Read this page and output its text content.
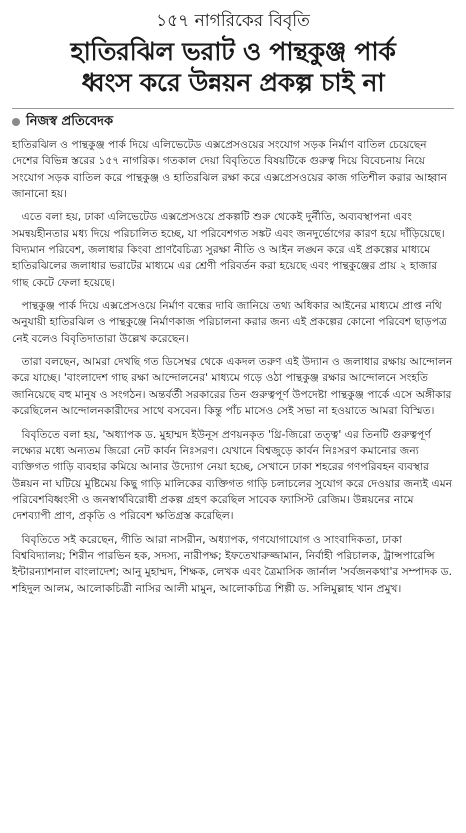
১৫৭ নাগরিকের বিবৃতি
হাতিরঝিল ভরাট ও পান্থকুঞ্জ পার্ক
ধ্বংস করে উন্নয়ন প্রকল্প চাই না
নিজস্ব প্রতিবেদক

হাতিরঝিল ও পান্থকুঞ্জ পার্ক দিয়ে এলিভেটেড এক্সপ্রেসওয়ের সংযোগ সড়ক নির্মাণ বাতিল চেয়েছেন দেশের বিভিন্ন স্তরের ১৫৭ নাগরিক। গতকাল দেয়া বিবৃতিতে বিষয়টিকে গুরুত্ব দিয়ে বিবেচনায় নিয়ে সংযোগ সড়ক বাতিল করে পান্থকুঞ্জ ও হাতিরঝিল রক্ষা করে এক্সপ্রেসওয়ের কাজ গতিশীল করার আহ্বান জানানো হয়।

এতে বলা হয়, ঢাকা এলিভেটেড এক্সপ্রেসওয়ে প্রকল্পটি শুরু থেকেই দুর্নীতি, অব্যবস্থাপনা এবং সমন্বয়হীনতার মধ্য দিয়ে পরিচালিত হচ্ছে, যা পরিবেশগত সঙ্কট এবং জনদুর্ভোগের কারণ হয়ে দাঁড়িয়েছে। বিদ্যমান পরিবেশ, জলাধার কিংবা প্রাণবৈচিত্র্য সুরক্ষা নীতি ও আইন লঙ্ঘন করে এই প্রকল্পের মাধ্যমে হাতিরঝিলের জলাধার ভরাটের মাধ্যমে এর শ্রেণী পরিবর্তন করা হয়েছে এবং পান্থকুঞ্জের প্রায় ২ হাজার গাছ কেটে ফেলা হয়েছে।

পান্থকুঞ্জ পার্ক দিয়ে এক্সপ্রেসওয়ে নির্মাণ বন্ধের দাবি জানিয়ে তথ্য অধিকার আইনের মাধ্যমে প্রাপ্ত নথি অনুযায়ী হাতিরঝিল ও পান্থকুঞ্জে নির্মাণকাজ পরিচালনা করার জন্য এই প্রকল্পের কোনো পরিবেশ ছাড়পত্র নেই বলেও বিবৃতিদাতারা উল্লেখ করেছেন।

তারা বলছেন, আমরা দেখছি গত ডিসেম্বর থেকে একদল তরুণ এই উদ্যান ও জলাধার রক্ষায় আন্দোলন করে যাচ্ছে। 'বাংলাদেশ গাছ রক্ষা আন্দোলনের' মাধ্যমে গড়ে ওঠা পান্থকুঞ্জ রক্ষার আন্দোলনে সংহতি জানিয়েছে বহু মানুষ ও সংগঠন। অন্তর্বর্তী সরকারের তিন গুরুত্বপূর্ণ উপদেষ্টা পান্থকুঞ্জ পার্কে এসে অঙ্গীকার করেছিলেন আন্দোলনকারীদের সাথে বসবেন। কিন্তু পাঁচ মাসেও সেই সভা না হওয়াতে আমরা বিস্মিত।

বিবৃতিতে বলা হয়, 'অধ্যাপক ড. মুহাম্মদ ইউনূস প্রণয়নকৃত 'থ্রি-জিরো তত্ত্ব' এর তিনটি গুরুত্বপূর্ণ লক্ষ্যের মধ্যে অন্যতম জিরো নেট কার্বন নিঃসরণ। যেখানে বিশ্বজুড়ে কার্বন নিঃসরণ কমানোর জন্য ব্যক্তিগত গাড়ি ব্যবহার কমিয়ে আনার উদ্যোগ নেয়া হচ্ছে, সেখানে ঢাকা শহরের গণপরিবহন ব্যবস্থার উন্নয়ন না ঘটিয়ে মুষ্টিমেয় কিছু গাড়ি মালিকের ব্যক্তিগত গাড়ি চলাচলের সুযোগ করে দেওয়ার জন্যই এমন পরিবেশবিধ্বংসী ও জনস্বার্থবিরোধী প্রকল্প গ্রহণ করেছিল সাবেক ফ্যাসিস্ট রেজিম। উন্নয়নের নামে দেশব্যাপী প্রাণ, প্রকৃতি ও পরিবেশ ক্ষতিগ্রস্ত করেছিল।

বিবৃতিতে সই করেছেন, গীতি আরা নাসরীন, অধ্যাপক, গণযোগাযোগ ও সাংবাদিকতা, ঢাকা বিশ্ববিদ্যালয়; শিরীন পারভিন হক, সদস্য, নারীপক্ষ; ইফতেখারুজ্জামান, নির্বাহী পরিচালক, ট্রান্সপারেন্সি ইন্টারন্যাশনাল বাংলাদেশ; আনু মুহাম্মদ, শিক্ষক, লেখক এবং ত্রৈমাসিক জার্নাল 'সর্বজনকথা'র সম্পাদক ড. শহিদুল আলম, আলোকচিত্রী নাসির আলী মামুন, আলোকচিত্র শিল্পী ড. সলিমুল্লাহ খান প্রমুখ।
